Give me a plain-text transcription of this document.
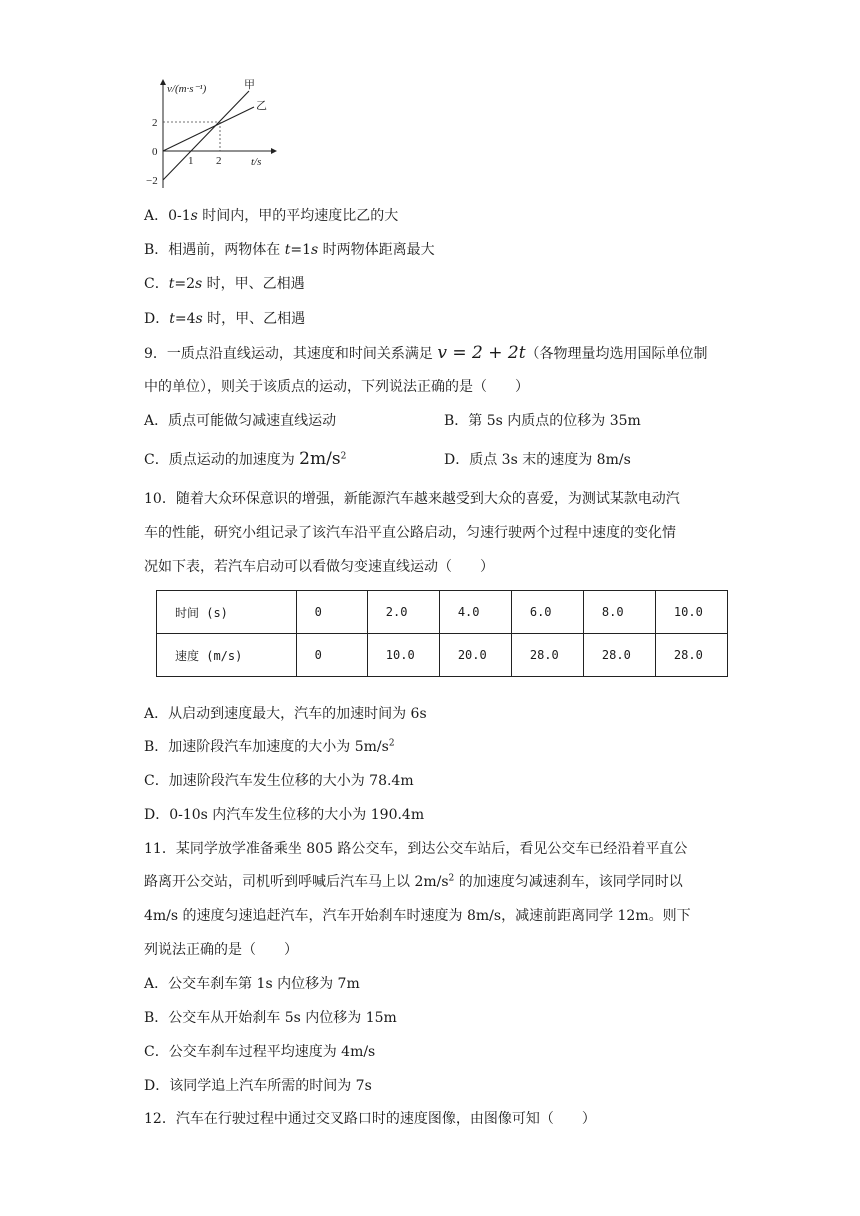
v/(m·s⁻¹)
t/s
甲
乙
2
0
−2
1 2
A．0-1s 时间内，甲的平均速度比乙的大
B．相遇前，两物体在 t=1s 时两物体距离最大
C．t=2s 时，甲、乙相遇
D．t=4s 时，甲、乙相遇
9．一质点沿直线运动，其速度和时间关系满足 v = 2 + 2t（各物理量均选用国际单位制
中的单位），则关于该质点的运动，下列说法正确的是（　　）
A．质点可能做匀减速直线运动	B．第 5s 内质点的位移为 35m
C．质点运动的加速度为 $2m/s^2$	D．质点 3s 末的速度为 8m/s
10．随着大众环保意识的增强，新能源汽车越来越受到大众的喜爱，为测试某款电动汽
车的性能，研究小组记录了该汽车沿平直公路启动，匀速行驶两个过程中速度的变化情
况如下表，若汽车启动可以看做匀变速直线运动（　　）
时间 (s)	0	2.0	4.0	6.0	8.0	10.0
速度 (m/s)	0	10.0	20.0	28.0	28.0	28.0
A．从启动到速度最大，汽车的加速时间为 6s
B．加速阶段汽车加速度的大小为 $5m/s^2$
C．加速阶段汽车发生位移的大小为 78.4m
D．0-10s 内汽车发生位移的大小为 190.4m
11．某同学放学准备乘坐 805 路公交车，到达公交车站后，看见公交车已经沿着平直公
路离开公交站，司机听到呼喊后汽车马上以 $2m/s^2$ 的加速度匀减速刹车，该同学同时以
4m/s 的速度匀速追赶汽车，汽车开始刹车时速度为 8m/s，减速前距离同学 12m。则下
列说法正确的是（　　）
A．公交车刹车第 1s 内位移为 7m
B．公交车从开始刹车 5s 内位移为 15m
C．公交车刹车过程平均速度为 4m/s
D．该同学追上汽车所需的时间为 7s
12．汽车在行驶过程中通过交叉路口时的速度图像，由图像可知（　　）
